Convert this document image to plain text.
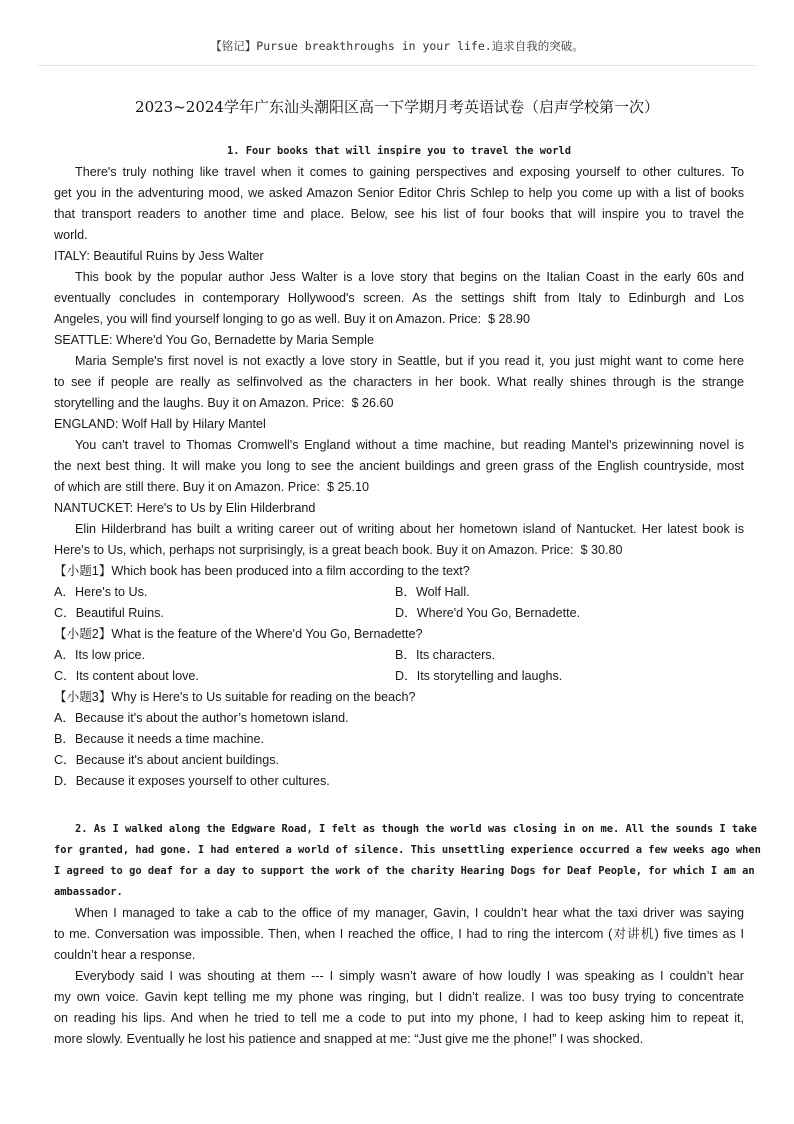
【铭记】Pursue breakthroughs in your life.追求自我的突破。
2023~2024学年广东汕头潮阳区高一下学期月考英语试卷（启声学校第一次）
1. Four books that will inspire you to travel the world
There's truly nothing like travel when it comes to gaining perspectives and exposing yourself to other cultures. To
get you in the adventuring mood, we asked Amazon Senior Editor Chris Schlep to help you come up with a list of books
that transport readers to another time and place. Below, see his list of four books that will inspire you to travel the
world.
ITALY: Beautiful Ruins by Jess Walter
This book by the popular author Jess Walter is a love story that begins on the Italian Coast in the early 60s and
eventually concludes in contemporary Hollywood's screen. As the settings shift from Italy to Edinburgh and Los
Angeles, you will find yourself longing to go as well. Buy it on Amazon. Price:  $ 28.90
SEATTLE: Where'd You Go, Bernadette by Maria Semple
Maria Semple's first novel is not exactly a love story in Seattle, but if you read it, you just might want to come here
to see if people are really as selfinvolved as the characters in her book. What really shines through is the strange
storytelling and the laughs. Buy it on Amazon. Price:  $ 26.60
ENGLAND: Wolf Hall by Hilary Mantel
You can't travel to Thomas Cromwell's England without a time machine, but reading Mantel's prizewinning novel is
the next best thing. It will make you long to see the ancient buildings and green grass of the English countryside, most
of which are still there. Buy it on Amazon. Price:  $ 25.10
NANTUCKET: Here's to Us by Elin Hilderbrand
Elin Hilderbrand has built a writing career out of writing about her hometown island of Nantucket. Her latest book is
Here's to Us, which, perhaps not surprisingly, is a great beach book. Buy it on Amazon. Price:  $ 30.80
【小题1】Which book has been produced into a film according to the text?
A．Here's to Us.	B．Wolf Hall.
C．Beautiful Ruins.	D．Where'd You Go, Bernadette.
【小题2】What is the feature of the Where'd You Go, Bernadette?
A．Its low price.	B．Its characters.
C．Its content about love.	D．Its storytelling and laughs.
【小题3】Why is Here's to Us suitable for reading on the beach?
A．Because it's about the author’s hometown island.
B．Because it needs a time machine.
C．Because it's about ancient buildings.
D．Because it exposes yourself to other cultures.
2. As I walked along the Edgware Road, I felt as though the world was closing in on me. All the sounds I take
for granted, had gone. I had entered a world of silence. This unsettling experience occurred a few weeks ago when
I agreed to go deaf for a day to support the work of the charity Hearing Dogs for Deaf People, for which I am an
ambassador.
When I managed to take a cab to the office of my manager, Gavin, I couldn’t hear what the taxi driver was saying
to me. Conversation was impossible. Then, when I reached the office, I had to ring the intercom (对讲机) five times as I
couldn’t hear a response.
Everybody said I was shouting at them --- I simply wasn’t aware of how loudly I was speaking as I couldn’t hear
my own voice. Gavin kept telling me my phone was ringing, but I didn’t realize. I was too busy trying to concentrate
on reading his lips. And when he tried to tell me a code to put into my phone, I had to keep asking him to repeat it,
more slowly. Eventually he lost his patience and snapped at me: “Just give me the phone!” I was shocked.
